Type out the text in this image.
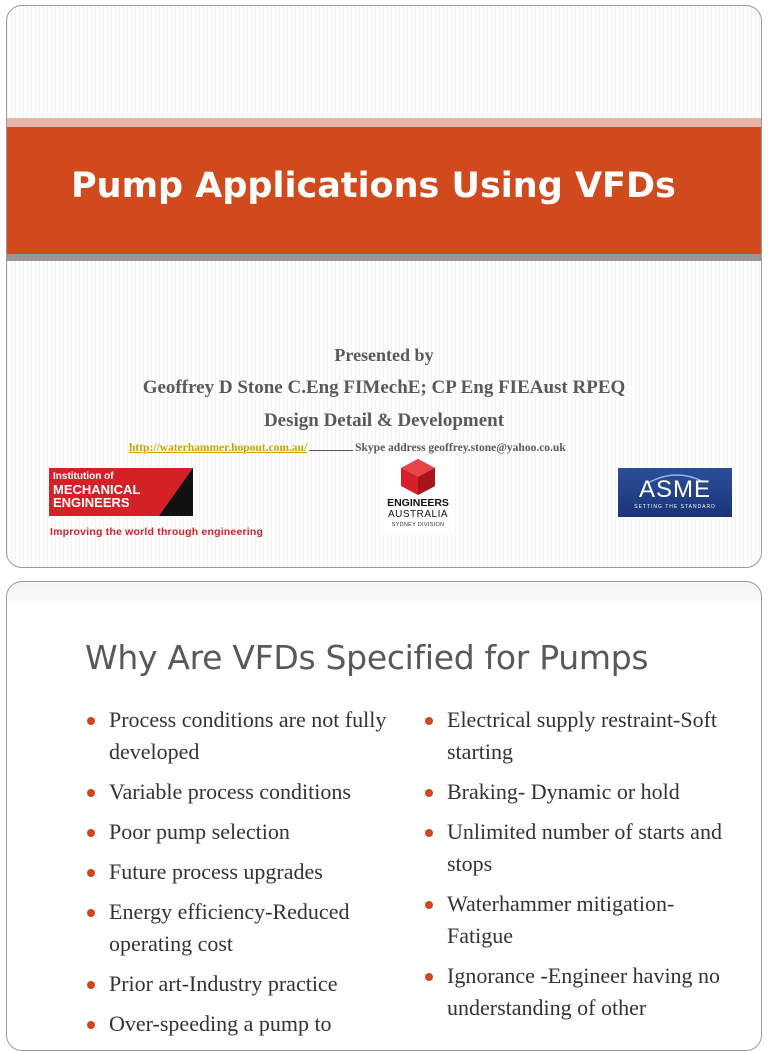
Pump Applications Using VFDs
Presented by
Geoffrey D Stone C.Eng FIMechE; CP Eng FIEAust RPEQ
Design Detail & Development
http://waterhammer.hopout.com.au/	Skype address geoffrey.stone@yahoo.co.uk
Institution of
MECHANICAL
ENGINEERS
Improving the world through engineering
ENGINEERS
AUSTRALIA
SYDNEY DIVISION
ASME
SETTING THE STANDARD
Why Are VFDs Specified for Pumps
Process conditions are not fully developed
Variable process conditions
Poor pump selection
Future process upgrades
Energy efficiency-Reduced operating cost
Prior art-Industry practice
Over-speeding a pump to
Electrical supply restraint-Soft starting
Braking- Dynamic or hold
Unlimited number of starts and stops
Waterhammer mitigation-Fatigue
Ignorance -Engineer having no understanding of other
